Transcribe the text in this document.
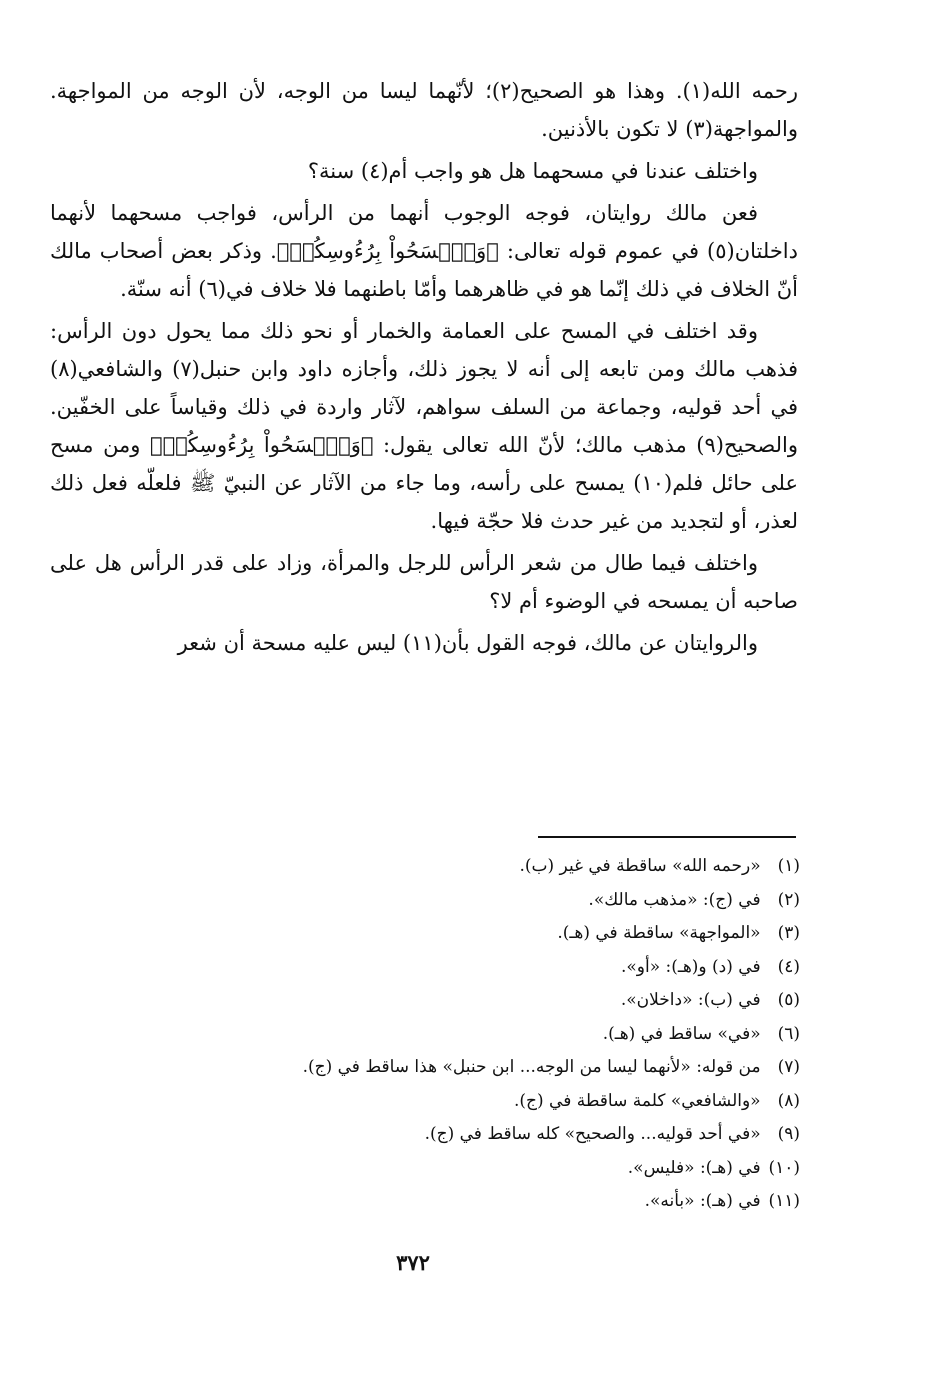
رحمه الله(١). وهذا هو الصحيح(٢)؛ لأنّهما ليسا من الوجه، لأن الوجه من المواجهة. والمواجهة(٣) لا تكون بالأذنين.

واختلف عندنا في مسحهما هل هو واجب أم(٤) سنة؟

فعن مالك روايتان، فوجه الوجوب أنهما من الرأس، فواجب مسحهما لأنهما داخلتان(٥) في عموم قوله تعالى: ﴿وَٱمۡسَحُواْ بِرُءُوسِكُمۡ﴾. وذكر بعض أصحاب مالك أنّ الخلاف في ذلك إنّما هو في ظاهرهما وأمّا باطنهما فلا خلاف في(٦) أنه سنّة.

وقد اختلف في المسح على العمامة والخمار أو نحو ذلك مما يحول دون الرأس: فذهب مالك ومن تابعه إلى أنه لا يجوز ذلك، وأجازه داود وابن حنبل(٧) والشافعي(٨) في أحد قوليه، وجماعة من السلف سواهم، لآثار واردة في ذلك وقياساً على الخفّين. والصحيح(٩) مذهب مالك؛ لأنّ الله تعالى يقول: ﴿وَٱمۡسَحُواْ بِرُءُوسِكُمۡ﴾ ومن مسح على حائل فلم(١٠) يمسح على رأسه، وما جاء من الآثار عن النبيّ ﷺ فلعلّه فعل ذلك لعذر، أو لتجديد من غير حدث فلا حجّة فيها.

واختلف فيما طال من شعر الرأس للرجل والمرأة، وزاد على قدر الرأس هل على صاحبه أن يمسحه في الوضوء أم لا؟

والروايتان عن مالك، فوجه القول بأن(١١) ليس عليه مسحة أن شعر

(١) «رحمه الله» ساقطة في غير (ب).
(٢) في (ج): «مذهب مالك».
(٣) «المواجهة» ساقطة في (هـ).
(٤) في (د) و(هـ): «أو».
(٥) في (ب): «داخلان».
(٦) «في» ساقط في (هـ).
(٧) من قوله: «لأنهما ليسا من الوجه... ابن حنبل» هذا ساقط في (ج).
(٨) «والشافعي» كلمة ساقطة في (ج).
(٩) «في أحد قوليه... والصحيح» كله ساقط في (ج).
(١٠) في (هـ): «فليس».
(١١) في (هـ): «بأنه».
٣٧٢
